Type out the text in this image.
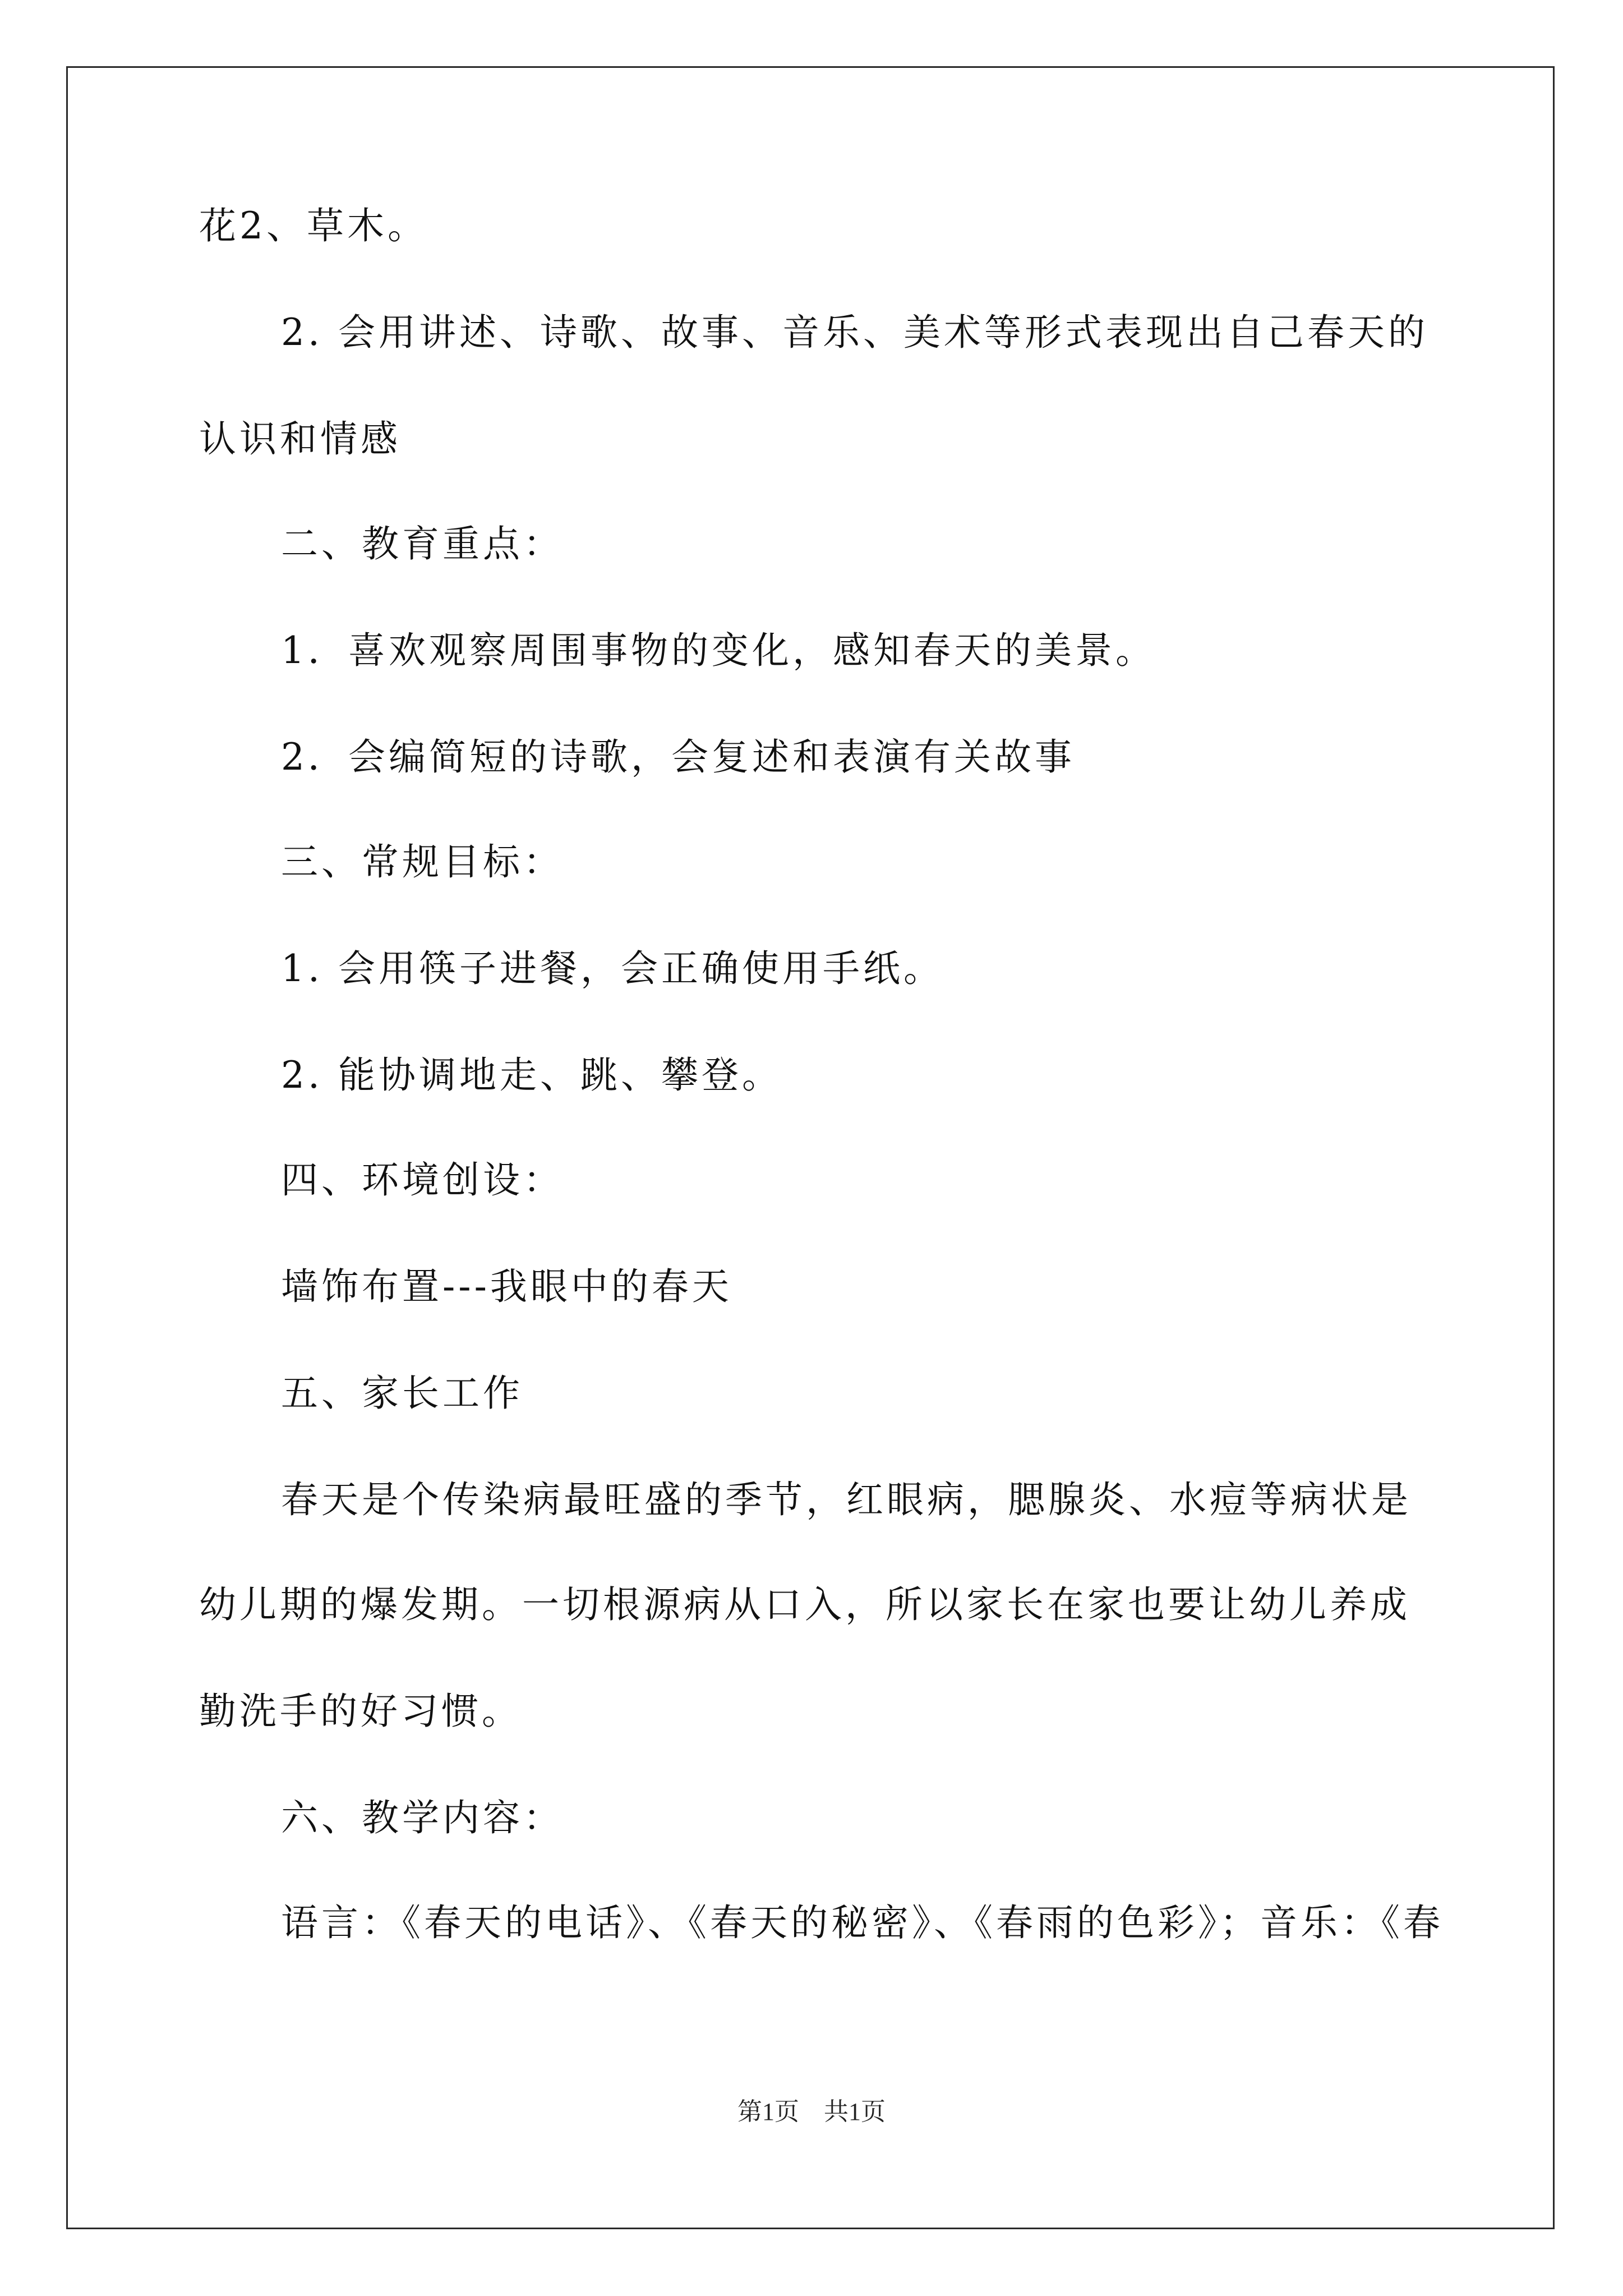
花2、草木。
2. 会用讲述、诗歌、故事、音乐、美术等形式表现出自己春天的
认识和情感
二、教育重点：
1．喜欢观察周围事物的变化，感知春天的美景。
2．会编简短的诗歌，会复述和表演有关故事
三、常规目标：
1. 会用筷子进餐，会正确使用手纸。
2. 能协调地走、跳、攀登。
四、环境创设：
墙饰布置---我眼中的春天
五、家长工作
春天是个传染病最旺盛的季节，红眼病，腮腺炎、水痘等病状是
幼儿期的爆发期。一切根源病从口入，所以家长在家也要让幼儿养成
勤洗手的好习惯。
六、教学内容：
语言：《春天的电话》、《春天的秘密》、《春雨的色彩》；音乐：《春
第1页　共1页
